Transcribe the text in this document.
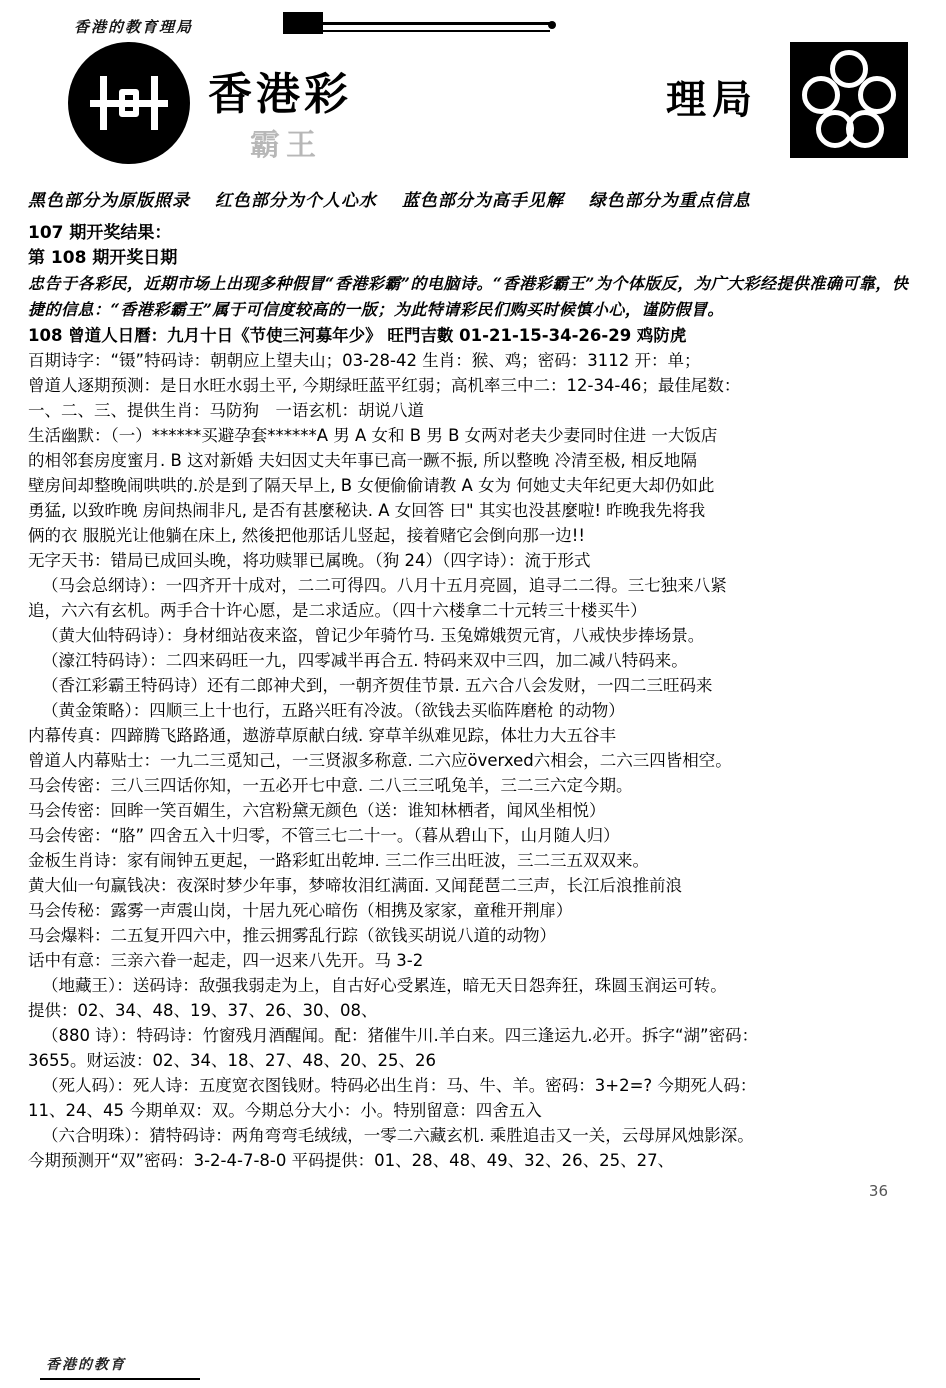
香港的教育理局
香港彩
霸王
理局
黑色部分为原版照录 红色部分为个人心水 蓝色部分为高手见解 绿色部分为重点信息
107 期开奖结果：
第 108 期开奖日期
忠告于各彩民，近期市场上出现多种假冒“香港彩霸”的电脑诗。“香港彩霸王”为个体版反，为广大彩经提供准确可靠，快捷的信息：“香港彩霸王”属于可信度较高的一版；为此特请彩民们购买时候慎小心，谨防假冒。
108 曾道人日曆：九月十日《节使三河募年少》 旺門吉數 01-21-15-34-26-29 鸡防虎
百期诗字：“镊”特码诗：朝朝应上望夫山；03-28-42 生肖：猴、鸡；密码：3112 开：单；
曾道人逐期预测：是日水旺水弱土平, 今期绿旺蓝平红弱；高机率三中二：12-34-46；最佳尾数：
一、二、三、提供生肖：马防狗　一语玄机：胡说八道
生活幽默：（一）******买避孕套******A 男 A 女和 B 男 B 女两对老夫少妻同时住进 一大饭店
的相邻套房度蜜月. B 这对新婚 夫妇因丈夫年事已高一蹶不振, 所以整晚 冷清至极, 相反地隔
壁房间却整晚闹哄哄的.於是到了隔天早上, B 女便偷偷请教 A 女为 何她丈夫年纪更大却仍如此
勇猛, 以致昨晚 房间热闹非凡, 是否有甚麼秘诀. A 女回答 曰" 其实也没甚麼啦! 昨晚我先将我
俩的衣 服脱光让他躺在床上, 然後把他那话儿竖起，接着赌它会倒向那一边!!
无字天书：错局已成回头晚，将功赎罪已属晚。（狗 24）（四字诗）：流于形式
（马会总纲诗）：一四齐开十成对，二二可得四。八月十五月亮圆，追寻二二得。三七独来八紧
追，六六有玄机。两手合十许心愿，是二求适应。（四十六楼拿二十元转三十楼买牛）
（黄大仙特码诗）：身材细站夜来盗，曾记少年骑竹马. 玉兔嫦娥贺元宵，八戒快步捧场景。
（濠江特码诗）：二四来码旺一九，四零减半再合五. 特码来双中三四，加二减八特码来。
（香江彩霸王特码诗）还有二郎神犬到，一朝齐贺佳节景. 五六合八会发财，一四二三旺码来
（黄金策略）：四顺三上十也行，五路兴旺有冷波。（欲钱去买临阵磨枪 的动物）
内幕传真：四蹄腾飞路路通，遨游草原献白绒. 穿草羊纵难见踪，体壮力大五谷丰
曾道人内幕贴士：一九二三觅知己，一三贤淑多称意. 二六应överxed六相会，二六三四皆相空。
马会传密：三八三四话你知，一五必开七中意. 二八三三吼兔羊，三二三六定今期。
马会传密：回眸一笑百媚生，六宫粉黛无颜色（送：谁知林栖者，闻风坐相悦）
马会传密：“胳” 四舍五入十归零，不管三七二十一。（暮从碧山下，山月随人归）
金板生肖诗：家有闹钟五更起，一路彩虹出乾坤. 三二作三出旺波，三二三五双双来。
黄大仙一句赢钱决：夜深时梦少年事，梦啼妆泪红满面. 又闻琵琶二三声，长江后浪推前浪
马会传秘：露雾一声震山岗，十居九死心暗伤（相携及家家，童稚开荆扉）
马会爆料：二五复开四六中，推云拥雾乱行踪（欲钱买胡说八道的动物）
话中有意：三亲六眷一起走，四一迟来八先开。马 3-2
（地藏王）：送码诗：敌强我弱走为上，自古好心受累连，暗无天日怨奔狂，珠圆玉润运可转。
提供：02、34、48、19、37、26、30、08、
（880 诗）：特码诗：竹窗残月酒醒闻。配：猪催牛川.羊白来。四三逢运九.必开。拆字“湖”密码：
3655。财运波：02、34、18、27、48、20、25、26
（死人码）：死人诗：五度宽衣图钱财。特码必出生肖：马、牛、羊。密码：3+2=? 今期死人码：
11、24、45 今期单双：双。今期总分大小：小。特别留意：四舍五入
（六合明珠）：猜特码诗：两角弯弯毛绒绒，一零二六藏玄机. 乘胜追击又一关，云母屏风烛影深。
今期预测开“双”密码：3-2-4-7-8-0 平码提供：01、28、48、49、32、26、25、27、
36
香港的教育
